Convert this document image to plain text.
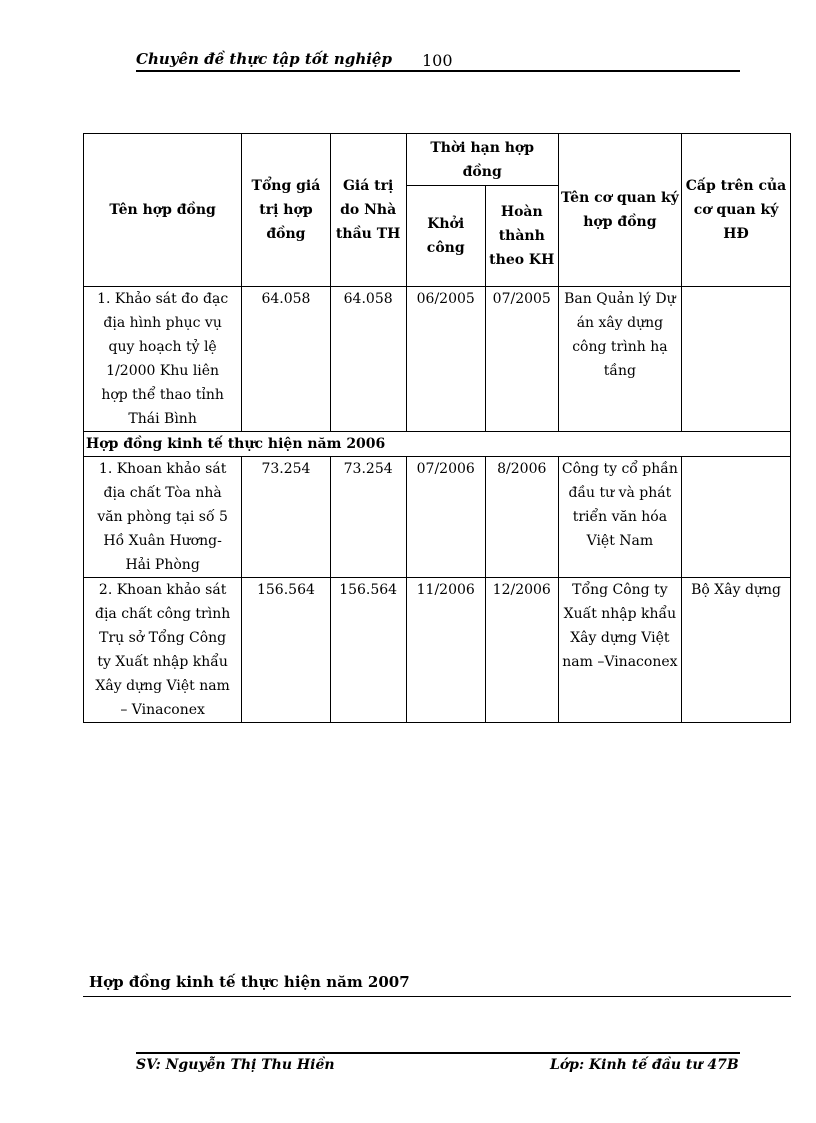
Chuyên đề thực tập tốt nghiệp 100
Tên hợp đồng	Tổng giá trị hợp đồng	Giá trị do Nhà thầu TH	Thời hạn hợp đồng		Tên cơ quan ký hợp đồng	Cấp trên của cơ quan ký HĐ
			Khởi công	Hoàn thành theo KH		
1. Khảo sát đo đạc địa hình phục vụ quy hoạch tỷ lệ 1/2000 Khu liên hợp thể thao tỉnh Thái Bình	64.058	64.058	06/2005	07/2005	Ban Quản lý Dự án xây dựng công trình hạ tầng	
Hợp đồng kinh tế thực hiện năm 2006						
1. Khoan khảo sát địa chất Tòa nhà văn phòng tại số 5 Hồ Xuân Hương- Hải Phòng	73.254	73.254	07/2006	8/2006	Công ty cổ phần đầu tư và phát triển văn hóa Việt Nam	
2. Khoan khảo sát địa chất công trình Trụ sở Tổng Công ty Xuất nhập khẩu Xây dựng Việt nam – Vinaconex	156.564	156.564	11/2006	12/2006	Tổng Công ty Xuất nhập khẩu Xây dựng Việt nam –Vinaconex	Bộ Xây dựng
Hợp đồng kinh tế thực hiện năm 2007
SV: Nguyễn Thị Thu Hiền	Lớp: Kinh tế đầu tư 47B
